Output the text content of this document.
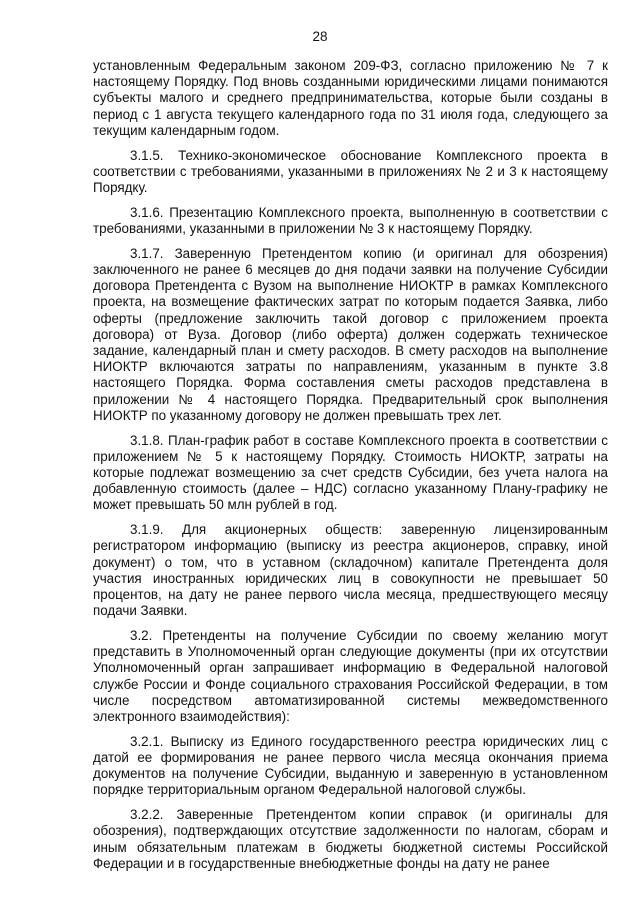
28

установленным Федеральным законом 209-ФЗ, согласно приложению № 7 к настоящему Порядку. Под вновь созданными юридическими лицами понимаются субъекты малого и среднего предпринимательства, которые были созданы в период с 1 августа текущего календарного года по 31 июля года, следующего за текущим календарным годом.

3.1.5. Технико-экономическое обоснование Комплексного проекта в соответствии с требованиями, указанными в приложениях № 2 и 3 к настоящему Порядку.

3.1.6. Презентацию Комплексного проекта, выполненную в соответствии с требованиями, указанными в приложении № 3 к настоящему Порядку.

3.1.7. Заверенную Претендентом копию (и оригинал для обозрения) заключенного не ранее 6 месяцев до дня подачи заявки на получение Субсидии договора Претендента с Вузом на выполнение НИОКТР в рамках Комплексного проекта, на возмещение фактических затрат по которым подается Заявка, либо оферты (предложение заключить такой договор с приложением проекта договора) от Вуза. Договор (либо оферта) должен содержать техническое задание, календарный план и смету расходов. В смету расходов на выполнение НИОКТР включаются затраты по направлениям, указанным в пункте 3.8 настоящего Порядка. Форма составления сметы расходов представлена в приложении № 4 настоящего Порядка. Предварительный срок выполнения НИОКТР по указанному договору не должен превышать трех лет.

3.1.8. План-график работ в составе Комплексного проекта в соответствии с приложением № 5 к настоящему Порядку. Стоимость НИОКТР, затраты на которые подлежат возмещению за счет средств Субсидии, без учета налога на добавленную стоимость (далее – НДС) согласно указанному Плану-графику не может превышать 50 млн рублей в год.

3.1.9. Для акционерных обществ: заверенную лицензированным регистратором информацию (выписку из реестра акционеров, справку, иной документ) о том, что в уставном (складочном) капитале Претендента доля участия иностранных юридических лиц в совокупности не превышает 50 процентов, на дату не ранее первого числа месяца, предшествующего месяцу подачи Заявки.

3.2. Претенденты на получение Субсидии по своему желанию могут представить в Уполномоченный орган следующие документы (при их отсутствии Уполномоченный орган запрашивает информацию в Федеральной налоговой службе России и Фонде социального страхования Российской Федерации, в том числе посредством автоматизированной системы межведомственного электронного взаимодействия):

3.2.1. Выписку из Единого государственного реестра юридических лиц с датой ее формирования не ранее первого числа месяца окончания приема документов на получение Субсидии, выданную и заверенную в установленном порядке территориальным органом Федеральной налоговой службы.

3.2.2. Заверенные Претендентом копии справок (и оригиналы для обозрения), подтверждающих отсутствие задолженности по налогам, сборам и иным обязательным платежам в бюджеты бюджетной системы Российской Федерации и в государственные внебюджетные фонды на дату не ранее
